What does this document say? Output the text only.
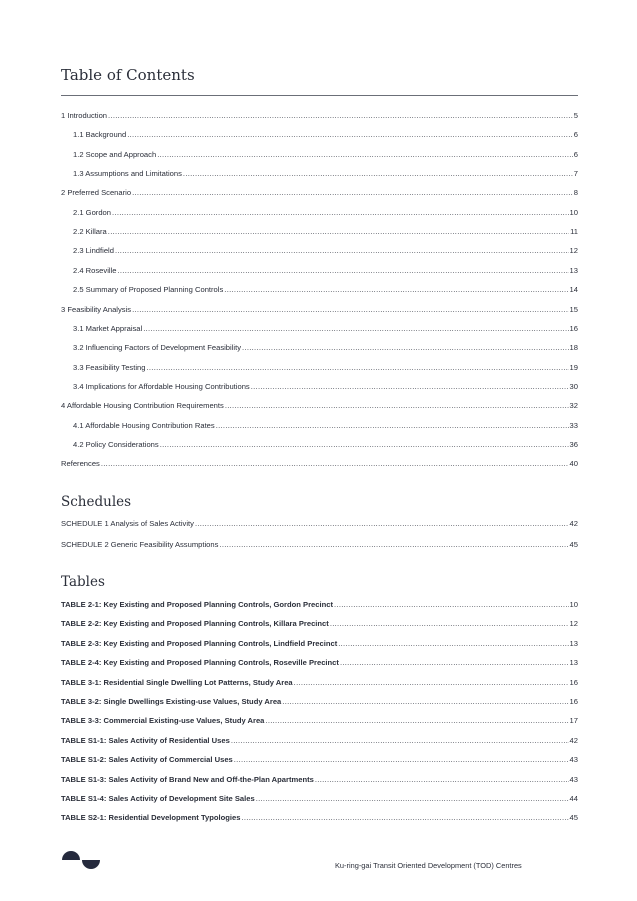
Table of Contents
1 Introduction .....	5
1.1 Background .....	6
1.2 Scope and Approach .....	6
1.3 Assumptions and Limitations .....	7
2 Preferred Scenario .....	8
2.1 Gordon .....	10
2.2 Killara .....	11
2.3 Lindfield .....	12
2.4 Roseville .....	13
2.5 Summary of Proposed Planning Controls .....	14
3 Feasibility Analysis .....	15
3.1 Market Appraisal .....	16
3.2 Influencing Factors of Development Feasibility .....	18
3.3 Feasibility Testing .....	19
3.4 Implications for Affordable Housing Contributions .....	30
4 Affordable Housing Contribution Requirements .....	32
4.1 Affordable Housing Contribution Rates .....	33
4.2 Policy Considerations .....	36
References .....	40
Schedules
SCHEDULE 1 Analysis of Sales Activity .....	42
SCHEDULE 2 Generic Feasibility Assumptions .....	45
Tables
TABLE 2-1: Key Existing and Proposed Planning Controls, Gordon Precinct .....	10
TABLE 2-2: Key Existing and Proposed Planning Controls, Killara Precinct .....	12
TABLE 2-3: Key Existing and Proposed Planning Controls, Lindfield Precinct .....	13
TABLE 2-4: Key Existing and Proposed Planning Controls, Roseville Precinct .....	13
TABLE 3-1: Residential Single Dwelling Lot Patterns, Study Area .....	16
TABLE 3-2: Single Dwellings Existing-use Values, Study Area .....	16
TABLE 3-3: Commercial Existing-use Values, Study Area .....	17
TABLE S1-1: Sales Activity of Residential Uses .....	42
TABLE S1-2: Sales Activity of Commercial Uses .....	43
TABLE S1-3: Sales Activity of Brand New and Off-the-Plan Apartments .....	43
TABLE S1-4: Sales Activity of Development Site Sales .....	44
TABLE S2-1: Residential Development Typologies .....	45
Ku-ring-gai Transit Oriented Development (TOD) Centres
